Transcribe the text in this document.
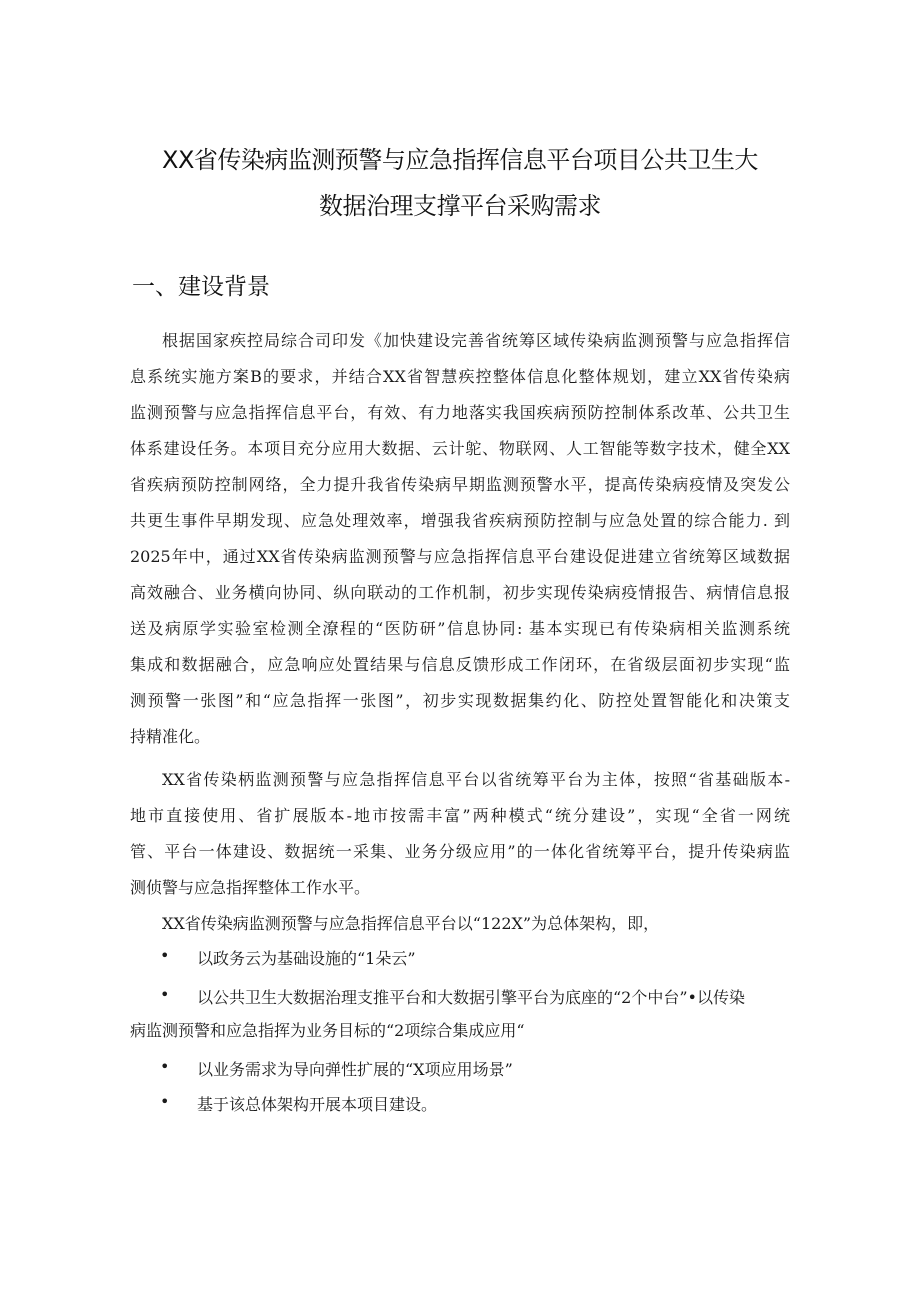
XX省传染病监测预警与应急指挥信息平台项目公共卫生大
数据治理支撑平台采购需求
一、建设背景
根据国家疾控局综合司印发《加快建设完善省统筹区域传染病监测预警与应急指挥信
息系统实施方案B的要求，并结合XX省智慧疾控整体信息化整体规划，建立XX省传染病
监测预警与应急指挥信息平台，有效、有力地落实我国疾病预防控制体系改革、公共卫生
体系建设任务。本项目充分应用大数据、云计鸵、物联网、人工智能等数字技术，健全XX
省疾病预防控制网络，全力提升我省传染病早期监测预警水平，提高传染病疫情及突发公
共更生事件早期发现、应急处理效率，增强我省疾病预防控制与应急处置的综合能力. 到
2025年中，通过XX省传染病监测预警与应急指挥信息平台建设促进建立省统筹区域数据
高效融合、业务横向协同、纵向联动的工作机制，初步实现传染病疫情报告、病情信息报
送及病原学实验室检测全潦程的“医防研”信息协同: 基本实现已有传染病相关监测系统
集成和数据融合，应急响应处置结果与信息反馈形成工作闭环，在省级层面初步实现“监
测预警一张图”和“应急指挥一张图”，初步实现数据集约化、防控处置智能化和决策支
持精准化。
XX省传染柄监测预警与应急指挥信息平台以省统筹平台为主体，按照“省基础版本-
地市直接使用、省扩展版本-地市按需丰富”两种模式“统分建设”，实现“全省一网统
管、平台一体建设、数据统一采集、业务分级应用”的一体化省统筹平台，提升传染病监
测侦警与应急指挥整体工作水平。
XX省传染病监测预警与应急指挥信息平台以“122X”为总体架构，即，
• 以政务云为基础设施的“1朵云”
• 以公共卫生大数据治理支推平台和大数据引擎平台为底座的“2个中台”•以传染
病监测预警和应急指挥为业务目标的“2项综合集成应用“
• 以业务需求为导向弹性扩展的“X项应用场景”
• 基于该总体架构开展本项目建设。
